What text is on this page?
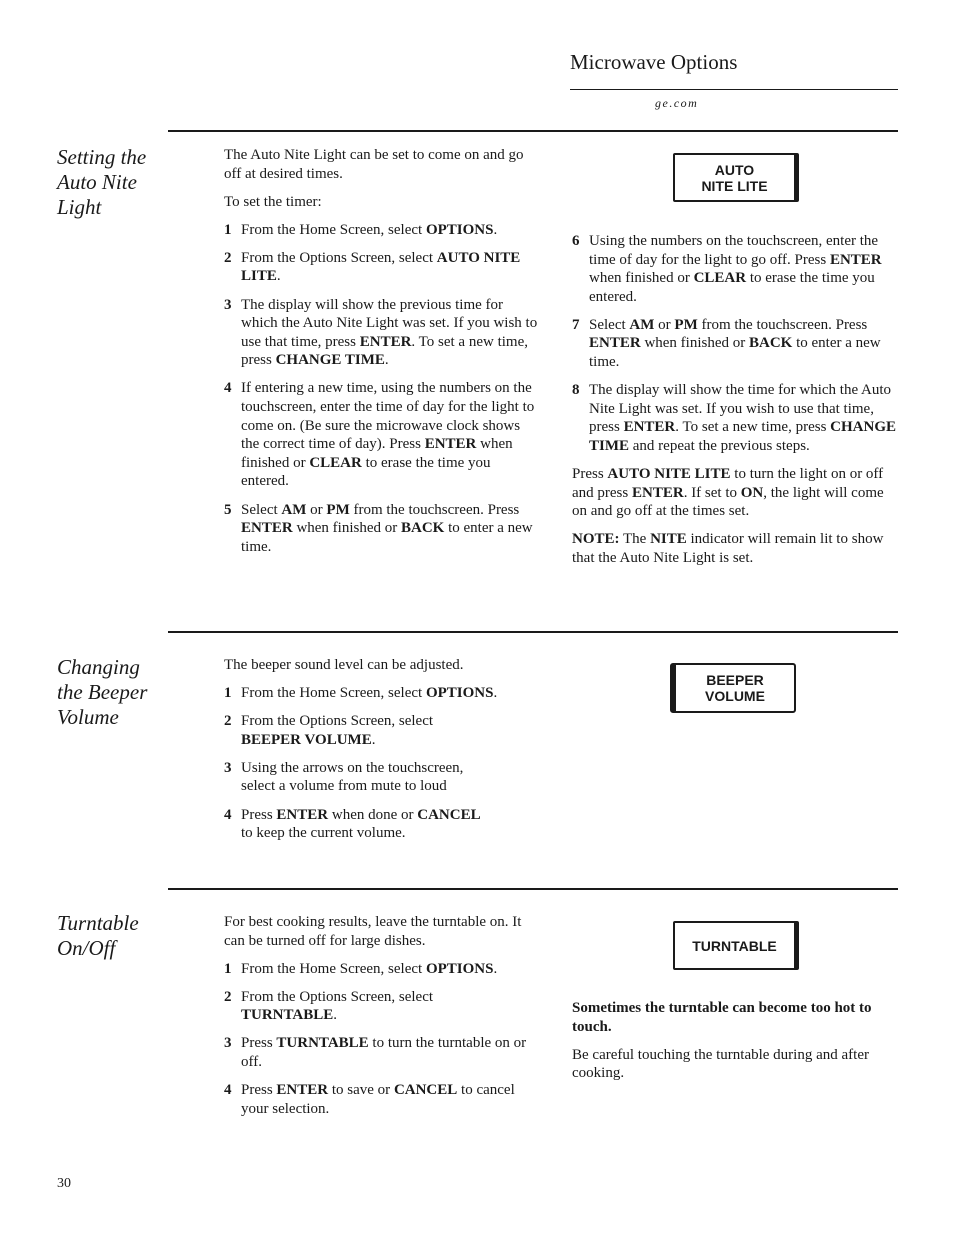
Microwave Options
ge.com
Setting the Auto Nite Light

The Auto Nite Light can be set to come on and go off at desired times.

To set the timer:

1 From the Home Screen, select OPTIONS.
2 From the Options Screen, select AUTO NITE LITE.
3 The display will show the previous time for which the Auto Nite Light was set. If you wish to use that time, press ENTER. To set a new time, press CHANGE TIME.
4 If entering a new time, using the numbers on the touchscreen, enter the time of day for the light to come on. (Be sure the microwave clock shows the correct time of day). Press ENTER when finished or CLEAR to erase the time you entered.
5 Select AM or PM from the touchscreen. Press ENTER when finished or BACK to enter a new time.
AUTO
NITE LITE
6 Using the numbers on the touchscreen, enter the time of day for the light to go off. Press ENTER when finished or CLEAR to erase the time you entered.
7 Select AM or PM from the touchscreen. Press ENTER when finished or BACK to enter a new time.
8 The display will show the time for which the Auto Nite Light was set. If you wish to use that time, press ENTER. To set a new time, press CHANGE TIME and repeat the previous steps.

Press AUTO NITE LITE to turn the light on or off and press ENTER. If set to ON, the light will come on and go off at the times set.

NOTE: The NITE indicator will remain lit to show that the Auto Nite Light is set.

Changing the Beeper Volume

The beeper sound level can be adjusted.

1 From the Home Screen, select OPTIONS.
2 From the Options Screen, select
BEEPER VOLUME.
3 Using the arrows on the touchscreen, select a volume from mute to loud
4 Press ENTER when done or CANCEL
to keep the current volume.
BEEPER
VOLUME
Turntable On/Off

For best cooking results, leave the turntable on. It can be turned off for large dishes.

1 From the Home Screen, select OPTIONS.
2 From the Options Screen, select
TURNTABLE.
3 Press TURNTABLE to turn the turntable on or off.
4 Press ENTER to save or CANCEL to cancel your selection.
TURNTABLE

Sometimes the turntable can become too hot to touch.

Be careful touching the turntable during and after cooking.

30
